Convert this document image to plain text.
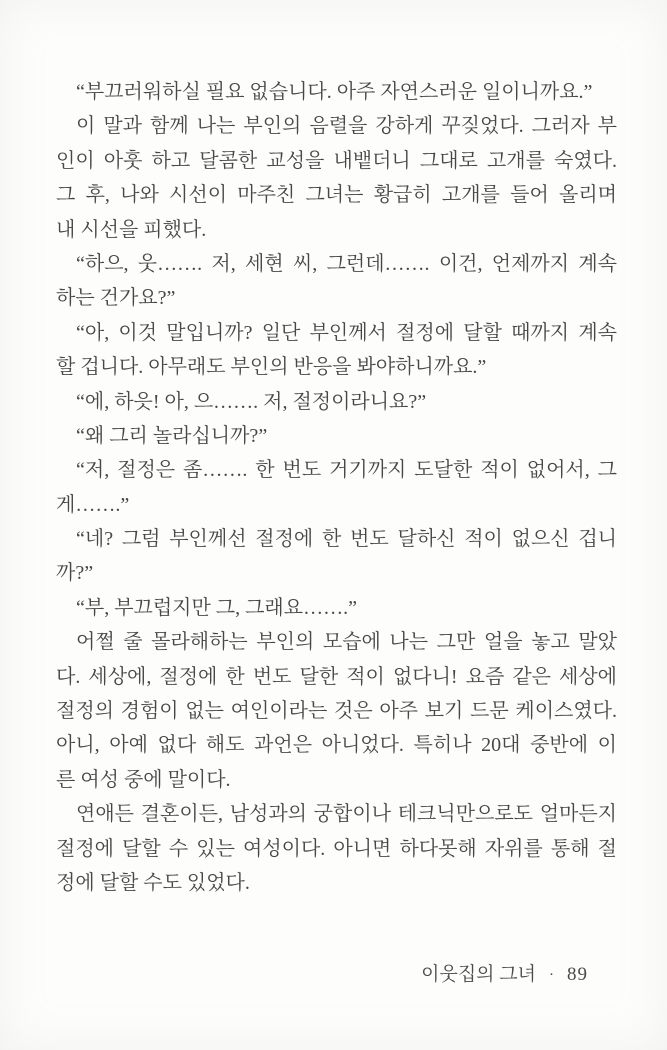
“부끄러워하실 필요 없습니다. 아주 자연스러운 일이니까요.”
이 말과 함께 나는 부인의 음렬을 강하게 꾸짖었다. 그러자 부
인이 아훗 하고 달콤한 교성을 내뱉더니 그대로 고개를 숙였다.
그 후, 나와 시선이 마주친 그녀는 황급히 고개를 들어 올리며
내 시선을 피했다.
“하으, 웃……. 저, 세현 씨, 그런데……. 이건, 언제까지 계속
하는 건가요?”
“아, 이것 말입니까? 일단 부인께서 절정에 달할 때까지 계속
할 겁니다. 아무래도 부인의 반응을 봐야하니까요.”
“에, 하읏! 아, 으……. 저, 절정이라니요?”
“왜 그리 놀라십니까?”
“저, 절정은 좀……. 한 번도 거기까지 도달한 적이 없어서, 그
게…….”
“네? 그럼 부인께선 절정에 한 번도 달하신 적이 없으신 겁니
까?”
“부, 부끄럽지만 그, 그래요…….”
어쩔 줄 몰라해하는 부인의 모습에 나는 그만 얼을 놓고 말았
다. 세상에, 절정에 한 번도 달한 적이 없다니! 요즘 같은 세상에
절정의 경험이 없는 여인이라는 것은 아주 보기 드문 케이스였다.
아니, 아예 없다 해도 과언은 아니었다. 특히나 20대 중반에 이
른 여성 중에 말이다.
연애든 결혼이든, 남성과의 궁합이나 테크닉만으로도 얼마든지
절정에 달할 수 있는 여성이다. 아니면 하다못해 자위를 통해 절
정에 달할 수도 있었다.
이웃집의 그녀 · 89
